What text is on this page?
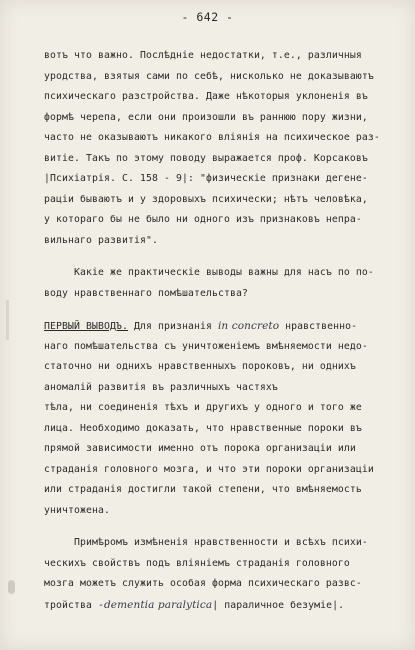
- 642 -
вотъ что важно. Послѣдніе недостатки, т.е., различныя
уродства, взятыя сами по себѣ, нисколько не доказываютъ
психическаго разстройства. Даже нѣкоторыя уклоненія въ
формѣ черепа, если они произошли въ раннюю пору жизни,
часто не оказываютъ никакого вліянія на психическое раз-
витіе. Такъ по этому поводу выражается проф. Корсаковъ
|Психіатрія. С. 158 - 9|: "физическіе признаки дегене-
раціи бываютъ и у здоровыхъ психически; нѣтъ человѣка,
у котораго бы не было ни одного изъ признаковъ непра-
вильнаго развитія".
Какіе же практическіе выводы важны для насъ по по-
воду нравственнаго помѣшательства?
ПЕРВЫЙ ВЫВОДЪ. Для признанія in concreto нравственно-
наго помѣшательства съ уничтоженіемъ вмѣняемости недо-
статочно ни однихъ нравственныхъ пороковъ, ни однихъ
аномалій развитія въ различныхъ частяхъ
тѣла, ни соединенія тѣхъ и другихъ у одного и того же
лица. Необходимо доказать, что нравственные пороки въ
прямой зависимости именно отъ порока организаціи или
страданія головного мозга, и что эти пороки организаціи
или страданія достигли такой степени, что вмѣняемость
уничтожена.
Примѣромъ измѣненія нравственности и всѣхъ психи-
ческихъ свойствъ подъ вліяніемъ страданія головного
мозга можетъ служить особая форма психическаго развс-
тройства -dementia paralytica| параличное безуміе|.
